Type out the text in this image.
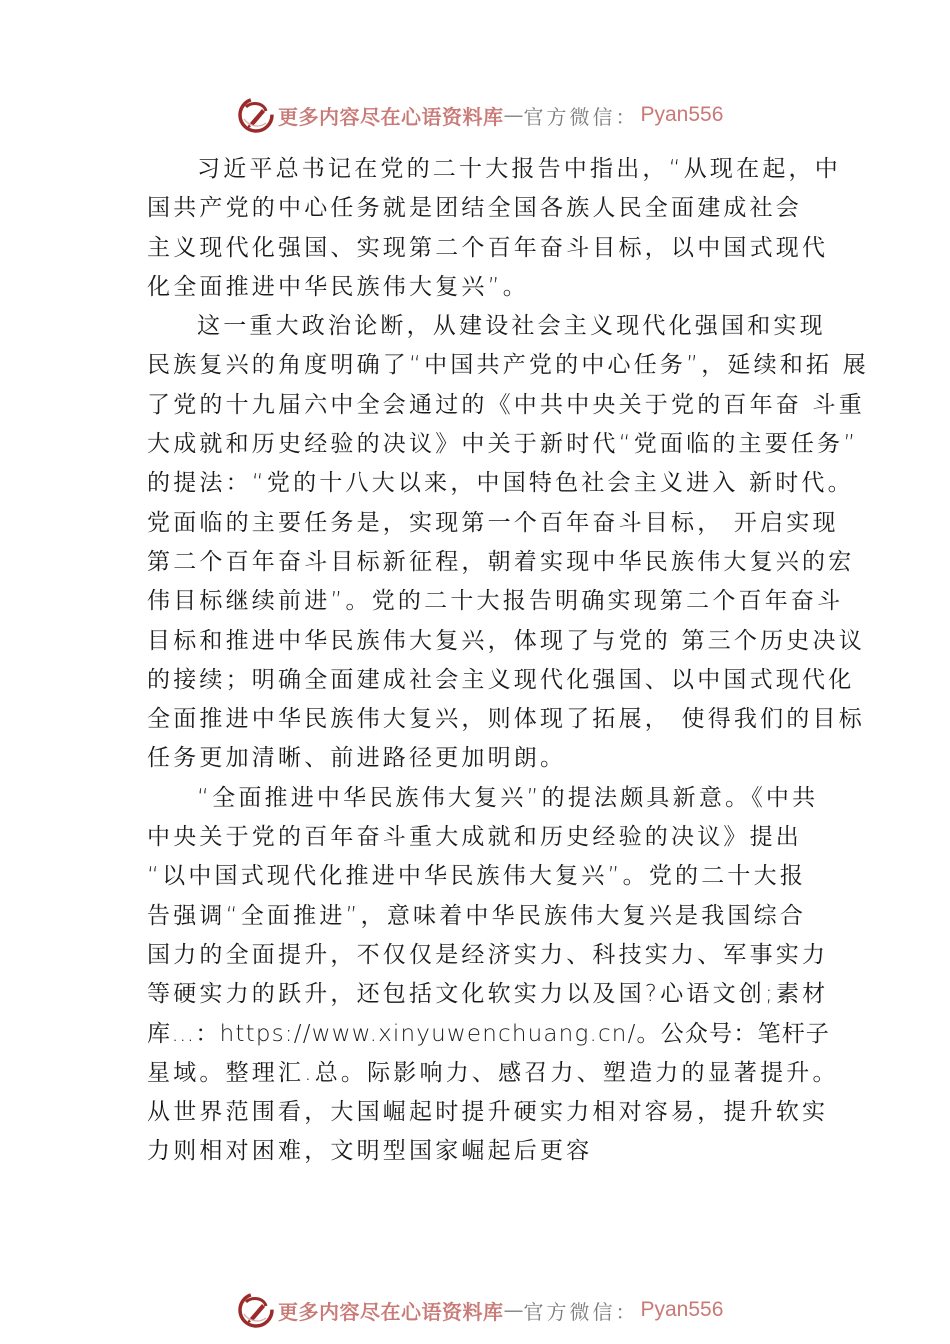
更多内容尽在心语资料库 — 官方微信： Pyan556
习近平总书记在党的二十大报告中指出，“从现在起，中
国共产党的中心任务就是团结全国各族人民全面建成社会
主义现代化强国、实现第二个百年奋斗目标，以中国式现代
化全面推进中华民族伟大复兴”。
这一重大政治论断，从建设社会主义现代化强国和实现
民族复兴的角度明确了“中国共产党的中心任务”，延续和拓 展
了党的十九届六中全会通过的《中共中央关于党的百年奋 斗重
大成就和历史经验的决议》中关于新时代“党面临的主要任务”
的提法：“党的十八大以来，中国特色社会主义进入 新时代。
党面临的主要任务是，实现第一个百年奋斗目标， 开启实现
第二个百年奋斗目标新征程，朝着实现中华民族伟大复兴的宏
伟目标继续前进”。党的二十大报告明确实现第二个百年奋斗
目标和推进中华民族伟大复兴，体现了与党的 第三个历史决议
的接续；明确全面建成社会主义现代化强国、以中国式现代化
全面推进中华民族伟大复兴，则体现了拓展， 使得我们的目标
任务更加清晰、前进路径更加明朗。
“全面推进中华民族伟大复兴”的提法颇具新意。《中共
中央关于党的百年奋斗重大成就和历史经验的决议》提出
“以中国式现代化推进中华民族伟大复兴”。党的二十大报
告强调“全面推进”，意味着中华民族伟大复兴是我国综合
国力的全面提升，不仅仅是经济实力、科技实力、军事实力
等硬实力的跃升，还包括文化软实力以及国?心语文创;素材
库…：https://www.xinyuwenchuang.cn/。公众号：笔杆子
星域。整理汇.总。际影响力、感召力、塑造力的显著提升。
从世界范围看，大国崛起时提升硬实力相对容易，提升软实
力则相对困难，文明型国家崛起后更容
更多内容尽在心语资料库 — 官方微信： Pyan556
